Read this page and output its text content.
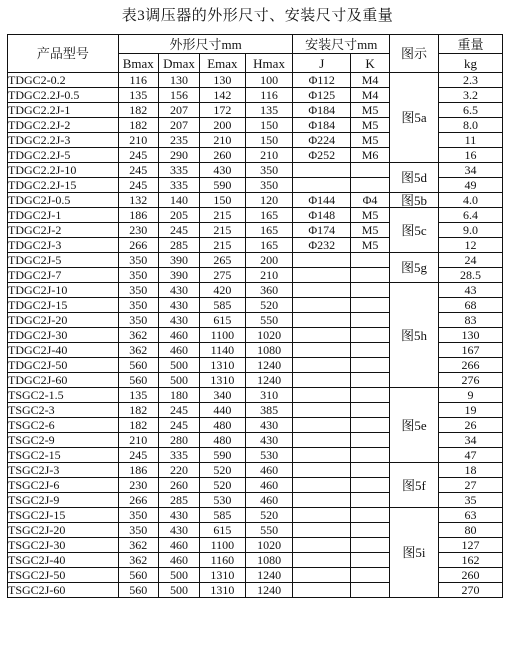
表3调压器的外形尺寸、安装尺寸及重量
产品型号	外形尺寸mm				安装尺寸mm		图示	重量
	Bmax	Dmax	Emax	Hmax	J	K		kg
TDGC2-0.2	116	130	130	100	Φ112	M4	图5a	2.3
TDGC2.2J-0.5	135	156	142	116	Φ125	M4		3.2
TDGC2.2J-1	182	207	172	135	Φ184	M5		6.5
TDGC2.2J-2	182	207	200	150	Φ184	M5		8.0
TDGC2.2J-3	210	235	210	150	Φ224	M5		11
TDGC2.2J-5	245	290	260	210	Φ252	M6		16
TDGC2.2J-10	245	335	430	350			图5d	34
TDGC2.2J-15	245	335	590	350				49
TDGC2J-0.5	132	140	150	120	Φ144	Φ4	图5b	4.0
TDGC2J-1	186	205	215	165	Φ148	M5	图5c	6.4
TDGC2J-2	230	245	215	165	Φ174	M5		9.0
TDGC2J-3	266	285	215	165	Φ232	M5		12
TDGC2J-5	350	390	265	200			图5g	24
TDGC2J-7	350	390	275	210				28.5
TDGC2J-10	350	430	420	360			图5h	43
TDGC2J-15	350	430	585	520				68
TDGC2J-20	350	430	615	550				83
TDGC2J-30	362	460	1100	1020				130
TDGC2J-40	362	460	1140	1080				167
TDGC2J-50	560	500	1310	1240				266
TDGC2J-60	560	500	1310	1240				276
TSGC2-1.5	135	180	340	310			图5e	9
TSGC2-3	182	245	440	385				19
TSGC2-6	182	245	480	430				26
TSGC2-9	210	280	480	430				34
TSGC2-15	245	335	590	530				47
TSGC2J-3	186	220	520	460			图5f	18
TSGC2J-6	230	260	520	460				27
TSGC2J-9	266	285	530	460				35
TSGC2J-15	350	430	585	520			图5i	63
TSGC2J-20	350	430	615	550				80
TSGC2J-30	362	460	1100	1020				127
TSGC2J-40	362	460	1160	1080				162
TSGC2J-50	560	500	1310	1240				260
TSGC2J-60	560	500	1310	1240				270
